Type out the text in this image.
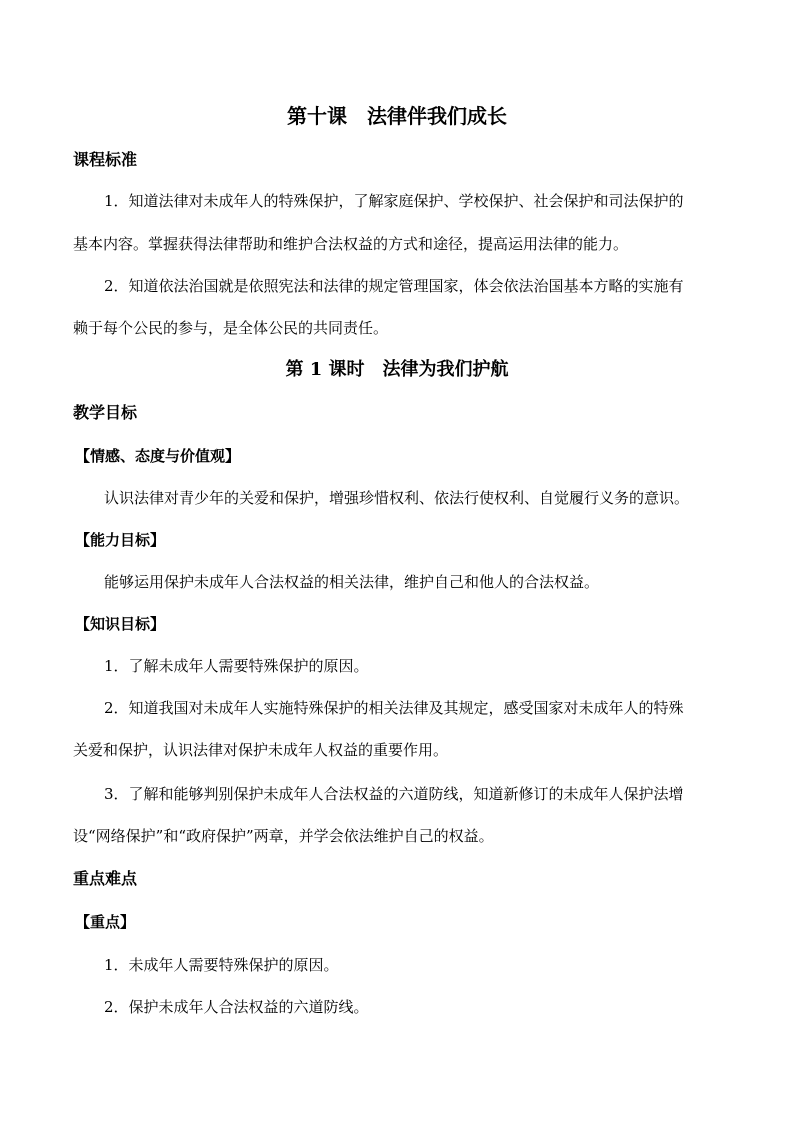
第十课　法律伴我们成长
课程标准
1．知道法律对未成年人的特殊保护，了解家庭保护、学校保护、社会保护和司法保护的
基本内容。掌握获得法律帮助和维护合法权益的方式和途径，提高运用法律的能力。
2．知道依法治国就是依照宪法和法律的规定管理国家，体会依法治国基本方略的实施有
赖于每个公民的参与，是全体公民的共同责任。
第 1 课时　法律为我们护航
教学目标
【情感、态度与价值观】
认识法律对青少年的关爱和保护，增强珍惜权利、依法行使权利、自觉履行义务的意识。
【能力目标】
能够运用保护未成年人合法权益的相关法律，维护自己和他人的合法权益。
【知识目标】
1．了解未成年人需要特殊保护的原因。
2．知道我国对未成年人实施特殊保护的相关法律及其规定，感受国家对未成年人的特殊
关爱和保护，认识法律对保护未成年人权益的重要作用。
3．了解和能够判别保护未成年人合法权益的六道防线，知道新修订的未成年人保护法增
设“网络保护”和“政府保护”两章，并学会依法维护自己的权益。
重点难点
【重点】
1．未成年人需要特殊保护的原因。
2．保护未成年人合法权益的六道防线。
